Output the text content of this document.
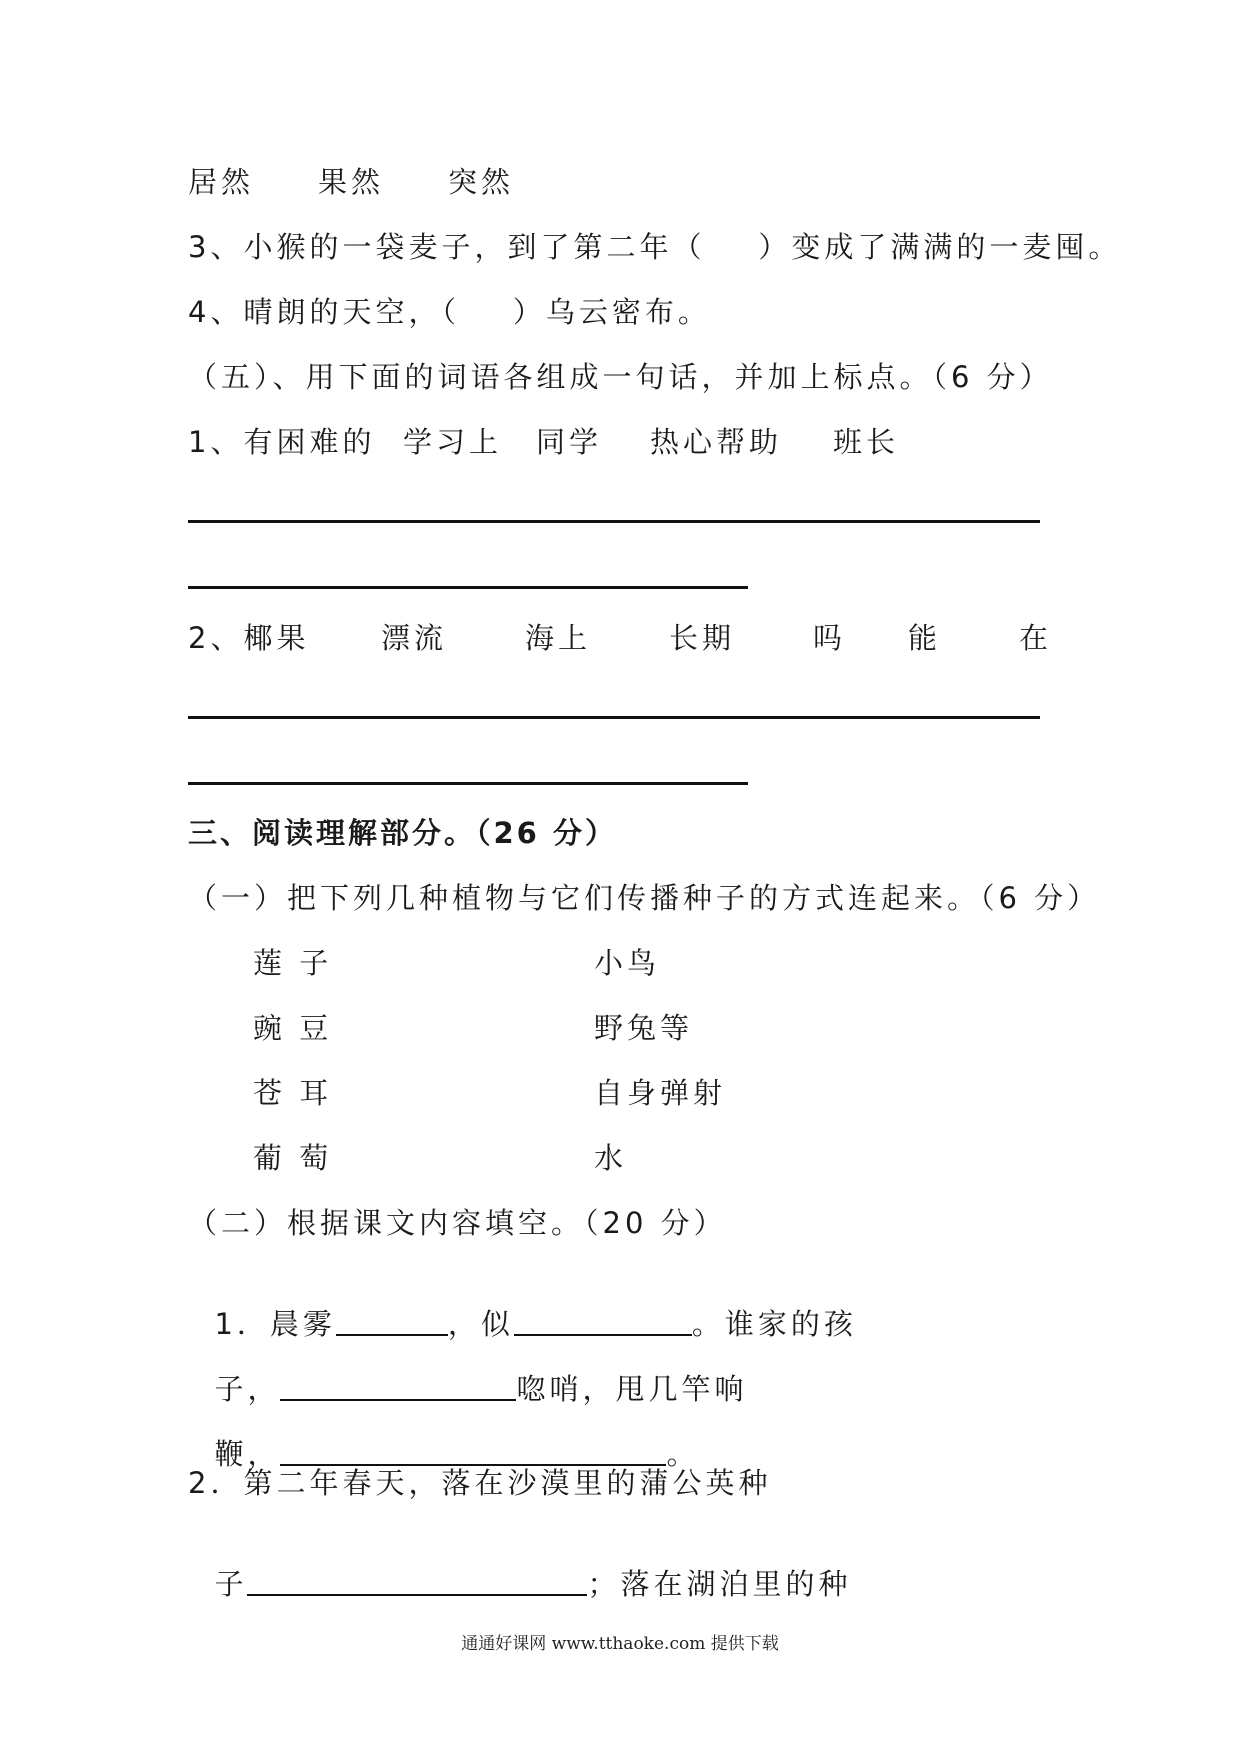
居然 果然 突然
3、小猴的一袋麦子，到了第二年（    ）变成了满满的一麦囤。
4、晴朗的天空，（    ）乌云密布。
（五）、用下面的词语各组成一句话，并加上标点。（6 分）
1、有困难的 学习上 同学 热心帮助 班长
2、椰果 漂流	海上	长期	吗 能	在
三、阅读理解部分。（26 分）
（一）把下列几种植物与它们传播种子的方式连起来。（6 分）
莲 子	小鸟
豌 豆	野兔等
苍 耳	自身弹射
葡 萄	水
（二）根据课文内容填空。（20 分）

1．晨雾	，似	。谁家的孩

子，	唿哨，甩几竿响

鞭，	。

2．第二年春天，落在沙漠里的蒲公英种

子	；落在湖泊里的种

通通好课网 www.tthaoke.com 提供下载
